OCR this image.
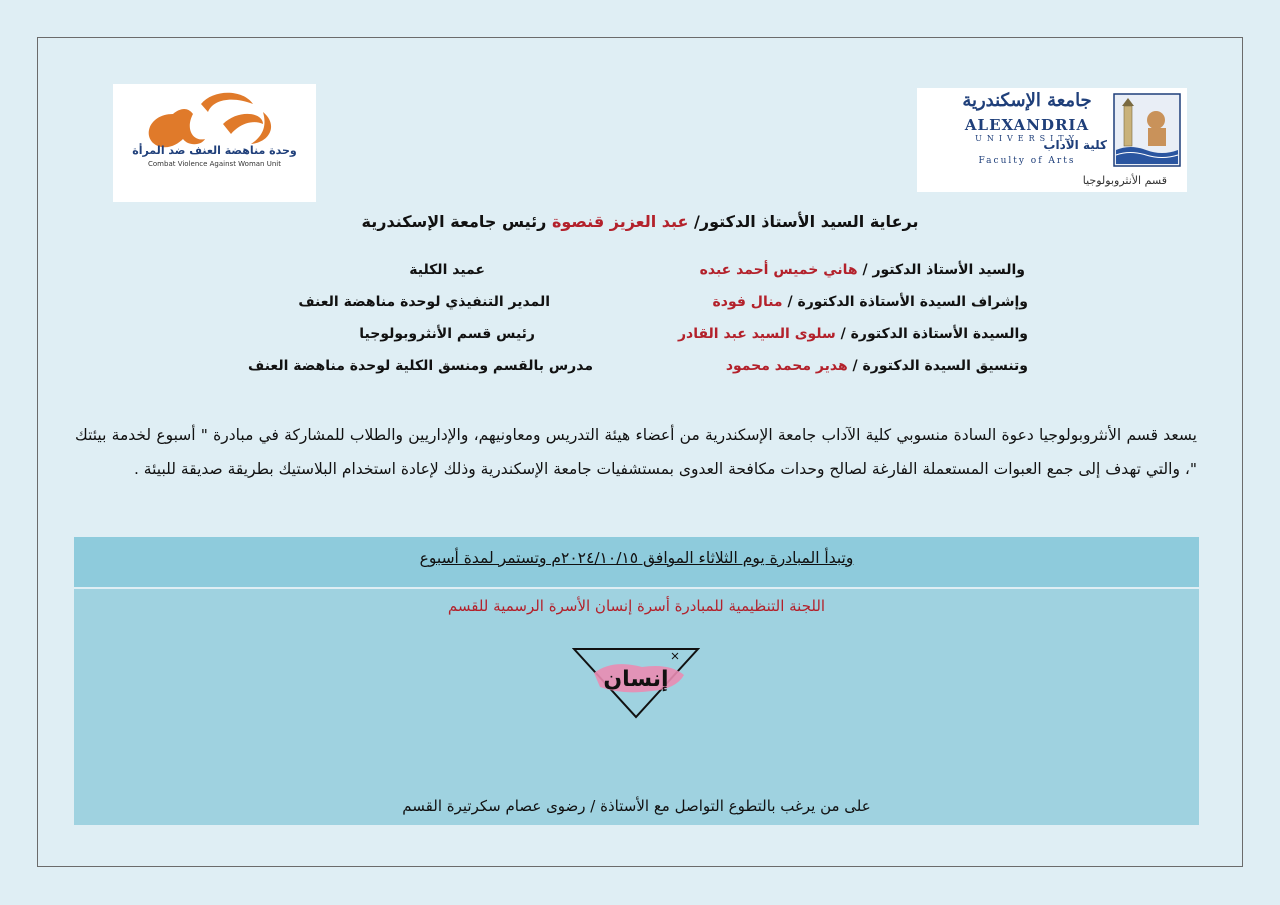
وحدة مناهضة العنف ضد المرأة
Combat Violence Against Woman Unit
جامعة الإسكندرية
ALEXANDRIA
UNIVERSITY
كلية الآداب
Faculty of Arts
قسم الأنثروبولوجيا
برعاية السيد الأستاذ الدكتور/ عبد العزيز قنصوة رئيس جامعة الإسكندرية
والسيد الأستاذ الدكتور / هاني خميس أحمد عبده
عميد الكلية
وإشراف السيدة الأستاذة الدكتورة / منال فودة
المدير التنفيذي لوحدة مناهضة العنف
والسيدة الأستاذة الدكتورة / سلوى السيد عبد القادر
رئيس قسم الأنثروبولوجيا
وتنسيق السيدة الدكتورة / هدير محمد محمود
مدرس بالقسم ومنسق الكلية لوحدة مناهضة العنف
يسعد قسم الأنثروبولوجيا دعوة السادة منسوبي كلية الآداب جامعة الإسكندرية من أعضاء هيئة التدريس ومعاونيهم، والإداريين والطلاب للمشاركة في مبادرة " أسبوع لخدمة بيئتك "، والتي تهدف إلى جمع العبوات المستعملة الفارغة لصالح وحدات مكافحة العدوى بمستشفيات جامعة الإسكندرية وذلك لإعادة استخدام البلاستيك بطريقة صديقة للبيئة .
وتبدأ المبادرة يوم الثلاثاء الموافق ٢٠٢٤/١٠/١٥م وتستمر لمدة أسبوع
اللجنة التنظيمية للمبادرة أسرة إنسان الأسرة الرسمية للقسم
إنسان
على من يرغب بالتطوع التواصل مع الأستاذة / رضوى عصام سكرتيرة القسم
